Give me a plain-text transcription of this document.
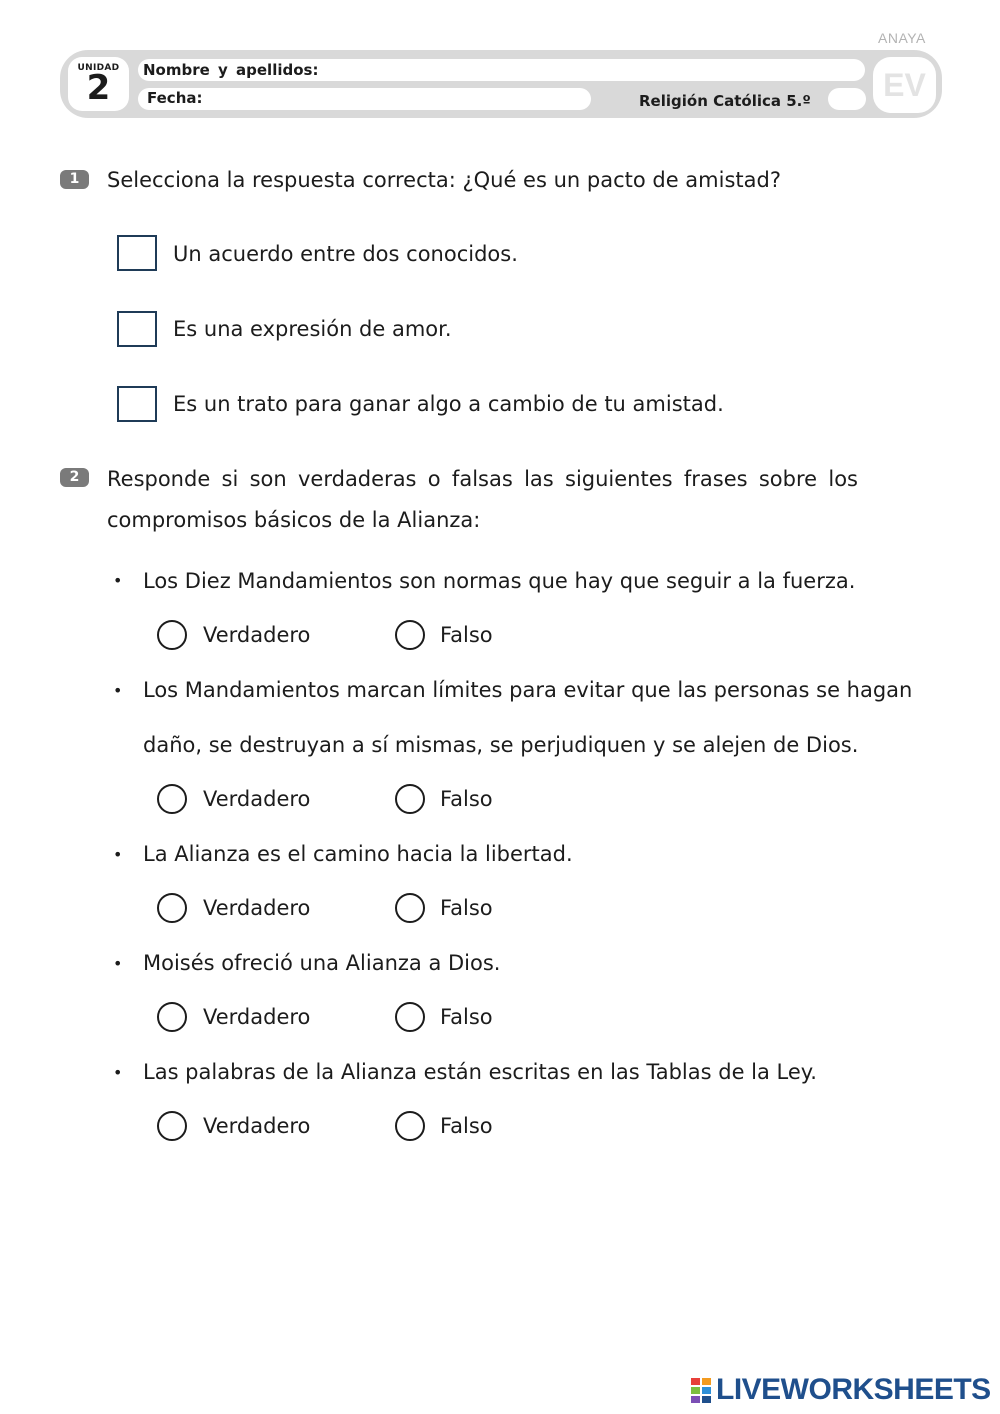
ANAYA
UNIDAD
2	Nombre y apellidos:
Fecha:	Religión Católica 5.º	EV
1	Selecciona la respuesta correcta: ¿Qué es un pacto de amistad?
Un acuerdo entre dos conocidos.
Es una expresión de amor.
Es un trato para ganar algo a cambio de tu amistad.
2	Responde si son verdaderas o falsas las siguientes frases sobre los
compromisos básicos de la Alianza:
• Los Diez Mandamientos son normas que hay que seguir a la fuerza.
Verdadero	Falso
• Los Mandamientos marcan límites para evitar que las personas se hagan
daño, se destruyan a sí mismas, se perjudiquen y se alejen de Dios.
Verdadero	Falso
• La Alianza es el camino hacia la libertad.
Verdadero	Falso
• Moisés ofreció una Alianza a Dios.
Verdadero	Falso
• Las palabras de la Alianza están escritas en las Tablas de la Ley.
Verdadero	Falso
LIVEWORKSHEETS
